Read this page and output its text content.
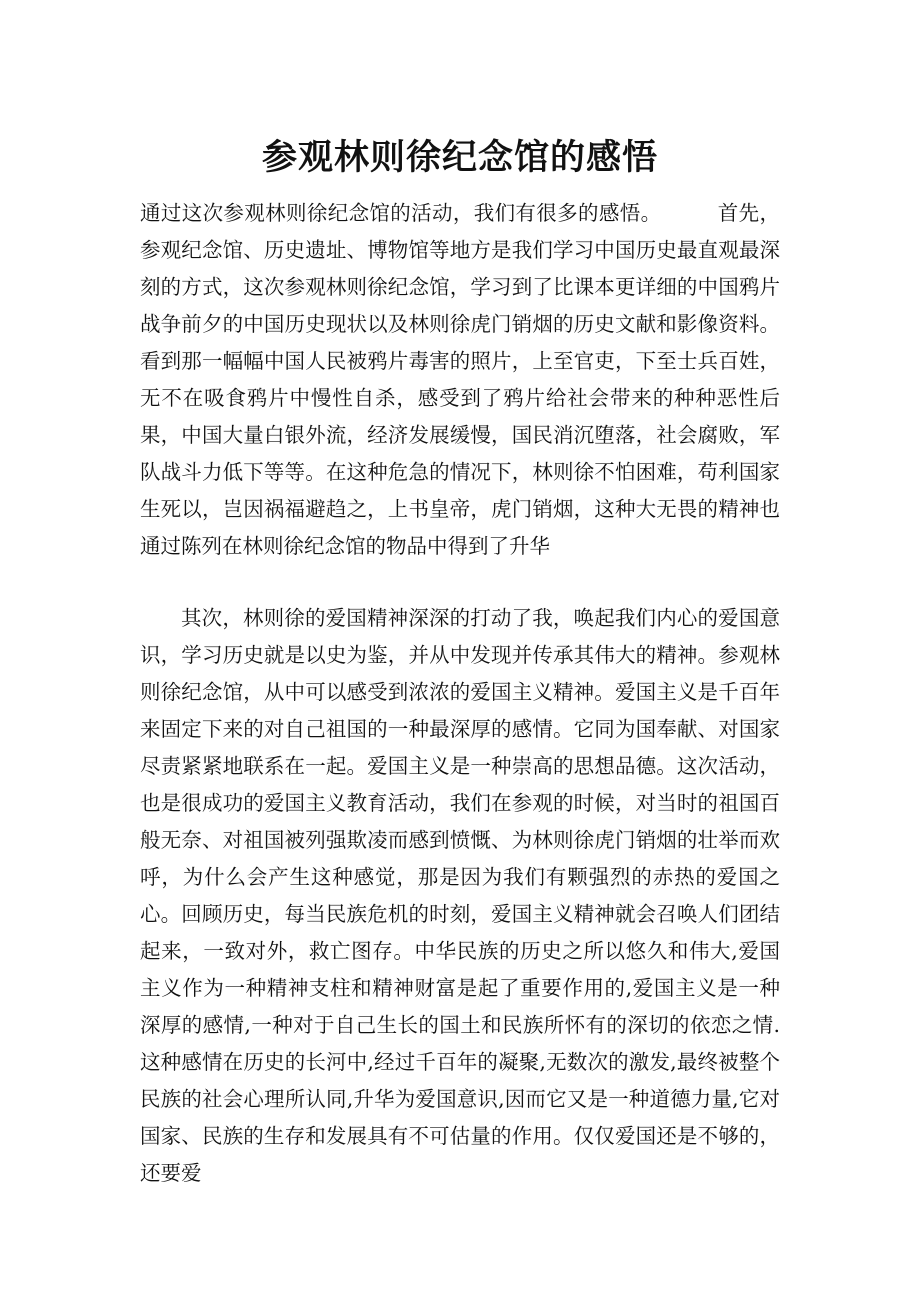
参观林则徐纪念馆的感悟

通过这次参观林则徐纪念馆的活动，我们有很多的感悟。	首先，参观纪念馆、历史遗址、博物馆等地方是我们学习中国历史最直观最深刻的方式，这次参观林则徐纪念馆，学习到了比课本更详细的中国鸦片战争前夕的中国历史现状以及林则徐虎门销烟的历史文献和影像资料。看到那一幅幅中国人民被鸦片毒害的照片，上至官吏，下至士兵百姓，无不在吸食鸦片中慢性自杀，感受到了鸦片给社会带来的种种恶性后果，中国大量白银外流，经济发展缓慢，国民消沉堕落，社会腐败，军队战斗力低下等等。在这种危急的情况下，林则徐不怕困难，苟利国家生死以，岂因祸福避趋之，上书皇帝，虎门销烟，这种大无畏的精神也通过陈列在林则徐纪念馆的物品中得到了升华

其次，林则徐的爱国精神深深的打动了我，唤起我们内心的爱国意识，学习历史就是以史为鉴，并从中发现并传承其伟大的精神。参观林则徐纪念馆，从中可以感受到浓浓的爱国主义精神。爱国主义是千百年来固定下来的对自己祖国的一种最深厚的感情。它同为国奉献、对国家尽责紧紧地联系在一起。爱国主义是一种崇高的思想品德。这次活动，也是很成功的爱国主义教育活动，我们在参观的时候，对当时的祖国百般无奈、对祖国被列强欺凌而感到愤慨、为林则徐虎门销烟的壮举而欢呼，为什么会产生这种感觉，那是因为我们有颗强烈的赤热的爱国之心。回顾历史，每当民族危机的时刻，爱国主义精神就会召唤人们团结起来，一致对外，救亡图存。中华民族的历史之所以悠久和伟大,爱国主义作为一种精神支柱和精神财富是起了重要作用的,爱国主义是一种深厚的感情,一种对于自己生长的国土和民族所怀有的深切的依恋之情.这种感情在历史的长河中,经过千百年的凝聚,无数次的激发,最终被整个民族的社会心理所认同,升华为爱国意识,因而它又是一种道德力量,它对国家、民族的生存和发展具有不可估量的作用。仅仅爱国还是不够的，还要爱
